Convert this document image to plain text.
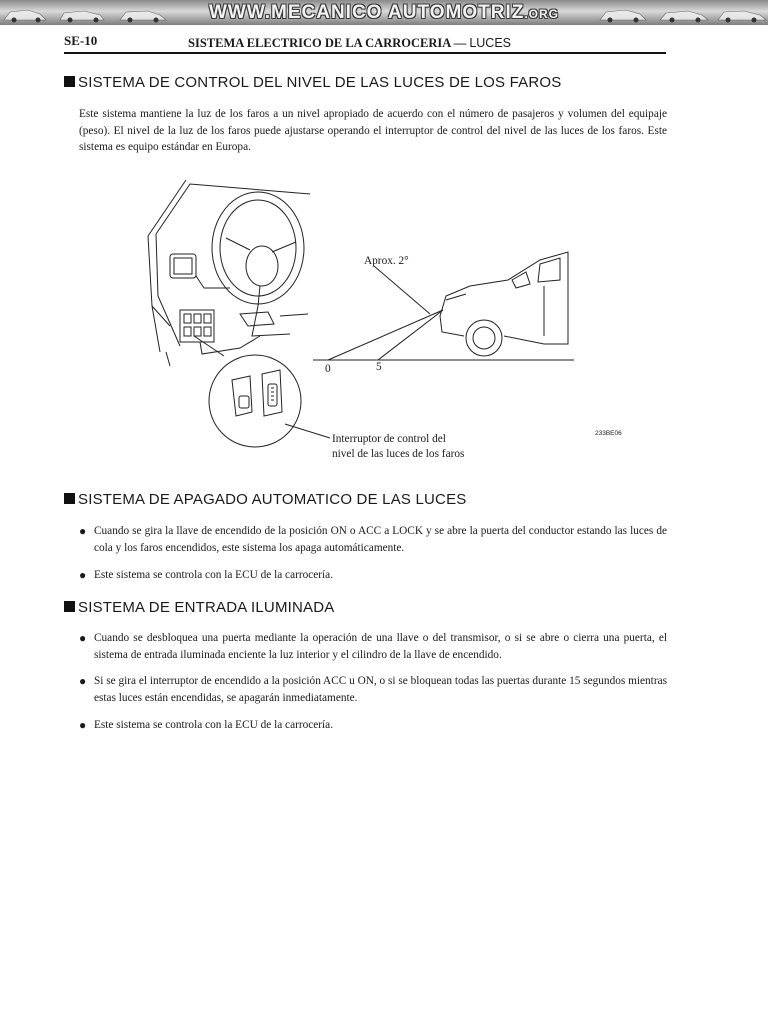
WWW.MECANICO AUTOMOTRIZ.ORG
SE-10	SISTEMA ELECTRICO DE LA CARROCERIA — LUCES
SISTEMA DE CONTROL DEL NIVEL DE LAS LUCES DE LOS FAROS

Este sistema mantiene la luz de los faros a un nivel apropiado de acuerdo con el número de pasajeros y volumen del equipaje (peso). El nivel de la luz de los faros puede ajustarse operando el interruptor de control del nivel de las luces de los faros. Este sistema es equipo estándar en Europa.

Aprox. 2°
0	5
Interruptor de control del
nivel de las luces de los faros
233BE06
SISTEMA DE APAGADO AUTOMATICO DE LAS LUCES
● Cuando se gira la llave de encendido de la posición ON o ACC a LOCK y se abre la puerta del conductor estando las luces de cola y los faros encendidos, este sistema los apaga automáticamente.
● Este sistema se controla con la ECU de la carrocería.
SISTEMA DE ENTRADA ILUMINADA
● Cuando se desbloquea una puerta mediante la operación de una llave o del transmisor, o si se abre o cierra una puerta, el sistema de entrada iluminada enciente la luz interior y el cilindro de la llave de encendido.
● Si se gira el interruptor de encendido a la posición ACC u ON, o si se bloquean todas las puertas durante 15 segundos mientras estas luces están encendidas, se apagarán inmediatamente.
● Este sistema se controla con la ECU de la carrocería.
